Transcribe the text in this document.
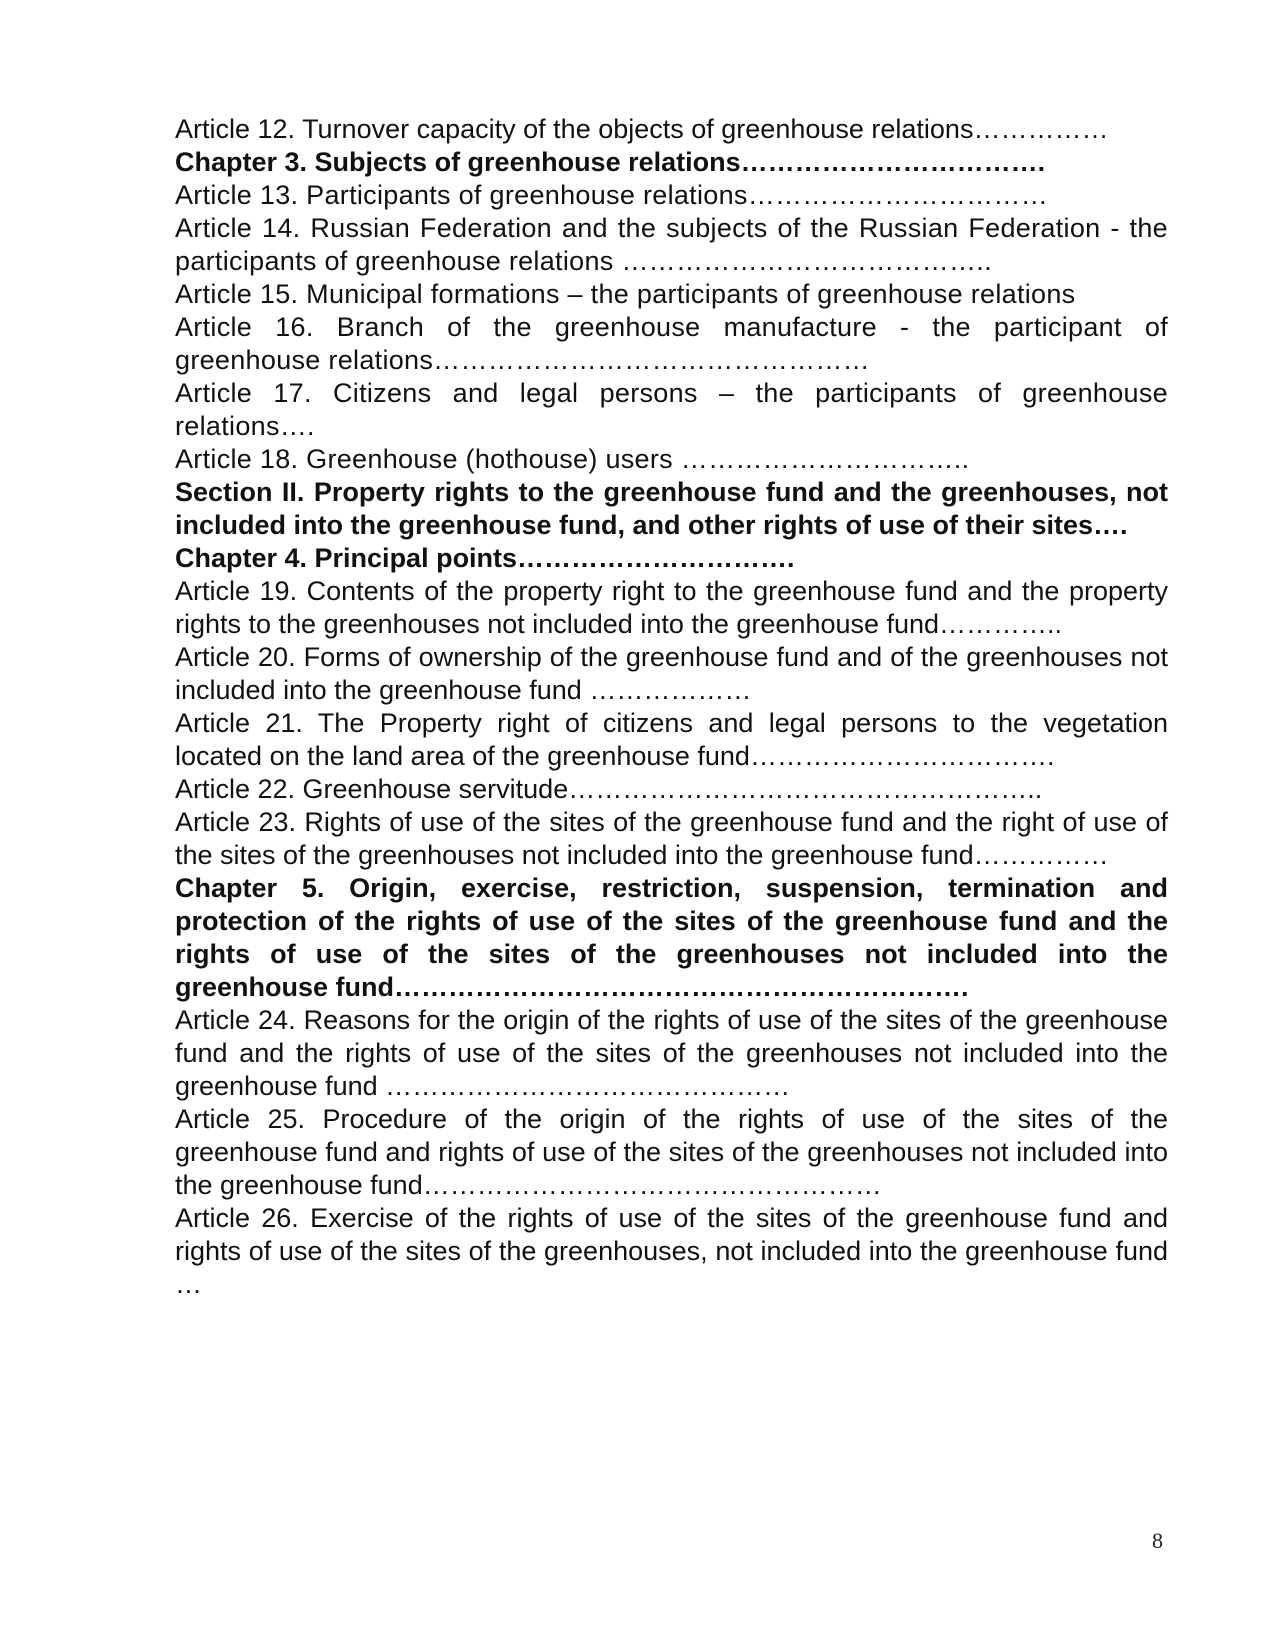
Article 12. Turnover capacity of the objects of greenhouse relations……………

Chapter 3. Subjects of greenhouse relations…………………………….

Article 13. Participants of greenhouse relations……………………………

Article 14. Russian Federation and the subjects of the Russian Federation - the participants of greenhouse relations …………………………………..

Article 15. Municipal formations – the participants of greenhouse relations

Article 16. Branch of the greenhouse manufacture - the participant of greenhouse relations…………………………………………

Article 17. Citizens and legal persons – the participants of greenhouse relations….

Article 18. Greenhouse (hothouse) users …………………………..

Section II. Property rights to the greenhouse fund and the greenhouses, not included into the greenhouse fund, and other rights of use of their sites….

Chapter 4. Principal points………………………….

Article 19. Contents of the property right to the greenhouse fund and the property rights to the greenhouses not included into the greenhouse fund…………..

Article 20. Forms of ownership of the greenhouse fund and of the greenhouses not included into the greenhouse fund ………………

Article 21. The Property right of citizens and legal persons to the vegetation located on the land area of the greenhouse fund…………………………….

Article 22. Greenhouse servitude……………………………………………..

Article 23. Rights of use of the sites of the greenhouse fund and the right of use of the sites of the greenhouses not included into the greenhouse fund……………

Chapter 5. Origin, exercise, restriction, suspension, termination and protection of the rights of use of the sites of the greenhouse fund and the rights of use of the sites of the greenhouses not included into the greenhouse fund……………………………………………………….

Article 24. Reasons for the origin of the rights of use of the sites of the greenhouse fund and the rights of use of the sites of the greenhouses not included into the greenhouse fund ………………………………………

Article 25. Procedure of the origin of the rights of use of the sites of the greenhouse fund and rights of use of the sites of the greenhouses not included into the greenhouse fund……………………………………………

Article 26. Exercise of the rights of use of the sites of the greenhouse fund and rights of use of the sites of the greenhouses, not included into the greenhouse fund …

8
